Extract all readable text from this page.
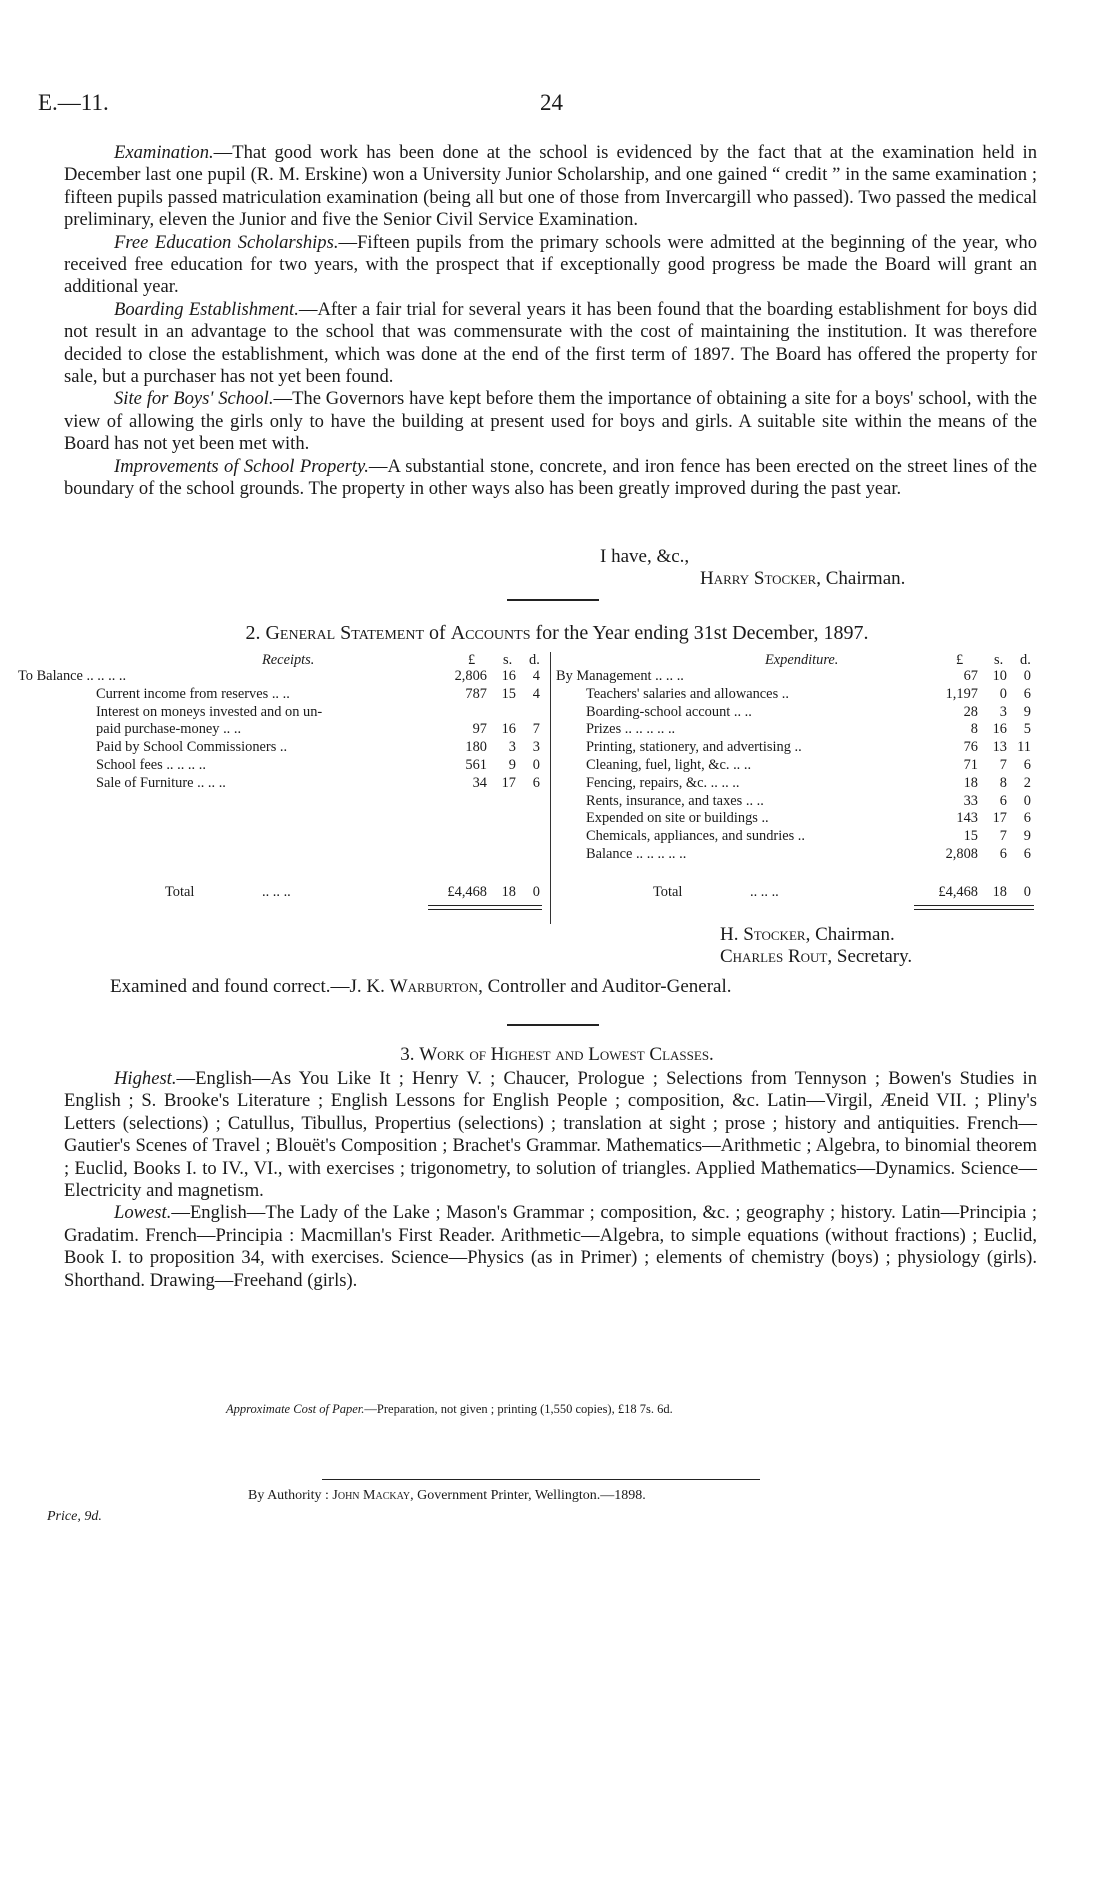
E.—11.	24

Examination.—That good work has been done at the school is evidenced by the fact that at the examination held in December last one pupil (R. M. Erskine) won a University Junior Scholarship, and one gained “ credit ” in the same examination ; fifteen pupils passed matriculation examination (being all but one of those from Invercargill who passed). Two passed the medical preliminary, eleven the Junior and five the Senior Civil Service Examination.

Free Education Scholarships.—Fifteen pupils from the primary schools were admitted at the beginning of the year, who received free education for two years, with the prospect that if exceptionally good progress be made the Board will grant an additional year.

Boarding Establishment.—After a fair trial for several years it has been found that the boarding establishment for boys did not result in an advantage to the school that was commensurate with the cost of maintaining the institution. It was therefore decided to close the establishment, which was done at the end of the first term of 1897. The Board has offered the property for sale, but a purchaser has not yet been found.

Site for Boys' School.—The Governors have kept before them the importance of obtaining a site for a boys' school, with the view of allowing the girls only to have the building at present used for boys and girls. A suitable site within the means of the Board has not yet been met with.

Improvements of School Property.—A substantial stone, concrete, and iron fence has been erected on the street lines of the boundary of the school grounds. The property in other ways also has been greatly improved during the past year.

I have, &c.,
Harry Stocker, Chairman.
2. General Statement of Accounts for the Year ending 31st December, 1897.
Receipts.	£ s. d.	Expenditure.	£ s. d.
To Balance .. .. .. ..	2,806	16	4
Current income from reserves .. ..	787	15	4
Interest on moneys invested and on un-
paid purchase-money .. ..	97	16	7
Paid by School Commissioners ..	180	3	3
School fees .. .. .. ..	561	9	0
Sale of Furniture .. .. ..	34	17	6
By Management .. .. ..	67	10	0
Teachers' salaries and allowances ..	1,197	0	6
Boarding-school account .. ..	28	3	9
Prizes .. .. .. .. ..	8	16	5
Printing, stationery, and advertising ..	76	13 11
Cleaning, fuel, light, &c. .. ..	71	7	6
Fencing, repairs, &c. .. .. ..	18	8	2
Rents, insurance, and taxes .. ..	33	6	0
Expended on site or buildings ..	143	17	6
Chemicals, appliances, and sundries ..	15	7	9
Balance .. .. .. .. ..	2,808	6	6
Total	.. .. ..	£4,468	18	0	Total	.. .. ..	£4,468	18	0
H. Stocker, Chairman.
Charles Rout, Secretary.
Examined and found correct.—J. K. Warburton, Controller and Auditor-General.
3. Work of Highest and Lowest Classes.

Highest.—English—As You Like It ; Henry V. ; Chaucer, Prologue ; Selections from Tennyson ; Bowen's Studies in English ; S. Brooke's Literature ; English Lessons for English People ; composition, &c. Latin—Virgil, Æneid VII. ; Pliny's Letters (selections) ; Catullus, Tibullus, Propertius (selections) ; translation at sight ; prose ; history and antiquities. French—Gautier's Scenes of Travel ; Blouët's Composition ; Brachet's Grammar. Mathematics—Arithmetic ; Algebra, to binomial theorem ; Euclid, Books I. to IV., VI., with exercises ; trigonometry, to solution of triangles. Applied Mathematics—Dynamics. Science—Electricity and magnetism.

Lowest.—English—The Lady of the Lake ; Mason's Grammar ; composition, &c. ; geography ; history. Latin—Principia ; Gradatim. French—Principia : Macmillan's First Reader. Arithmetic—Algebra, to simple equations (without fractions) ; Euclid, Book I. to proposition 34, with exercises. Science—Physics (as in Primer) ; elements of chemistry (boys) ; physiology (girls). Shorthand. Drawing—Freehand (girls).

Approximate Cost of Paper.—Preparation, not given ; printing (1,550 copies), £18 7s. 6d.
By Authority : John Mackay, Government Printer, Wellington.—1898.
Price, 9d.
